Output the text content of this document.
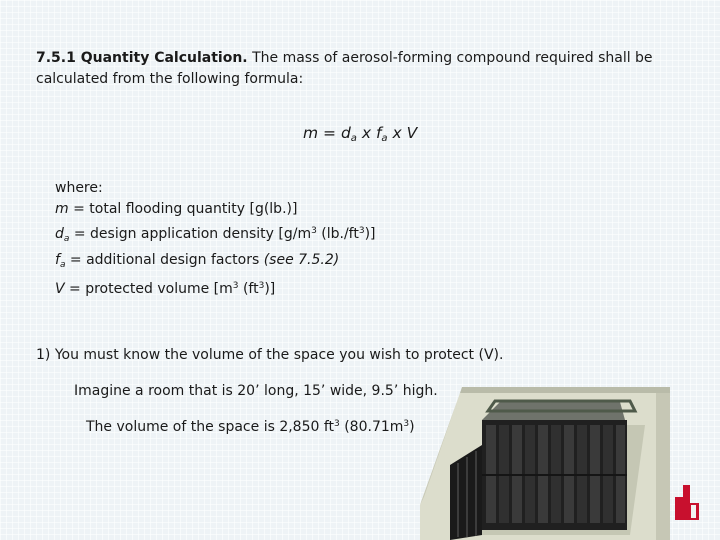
7.5.1 Quantity Calculation. The mass of aerosol-forming compound required shall be

calculated from the following formula:

$m = d_a$ x $f_a$ x V

where:
m = total flooding quantity [g(lb.)]
$d_a$ = design application density [$g/m^3$ $(lb./ft^3)$]
$f_a$ = additional design factors (see 7.5.2)
V = protected volume [$m^3$ $(ft^3)$]

1) You must know the volume of the space you wish to protect (V).

Imagine a room that is 20’ long, 15’ wide, 9.5’ high.

The volume of the space is 2,850 $ft^3$ $(80.71m^3)$
